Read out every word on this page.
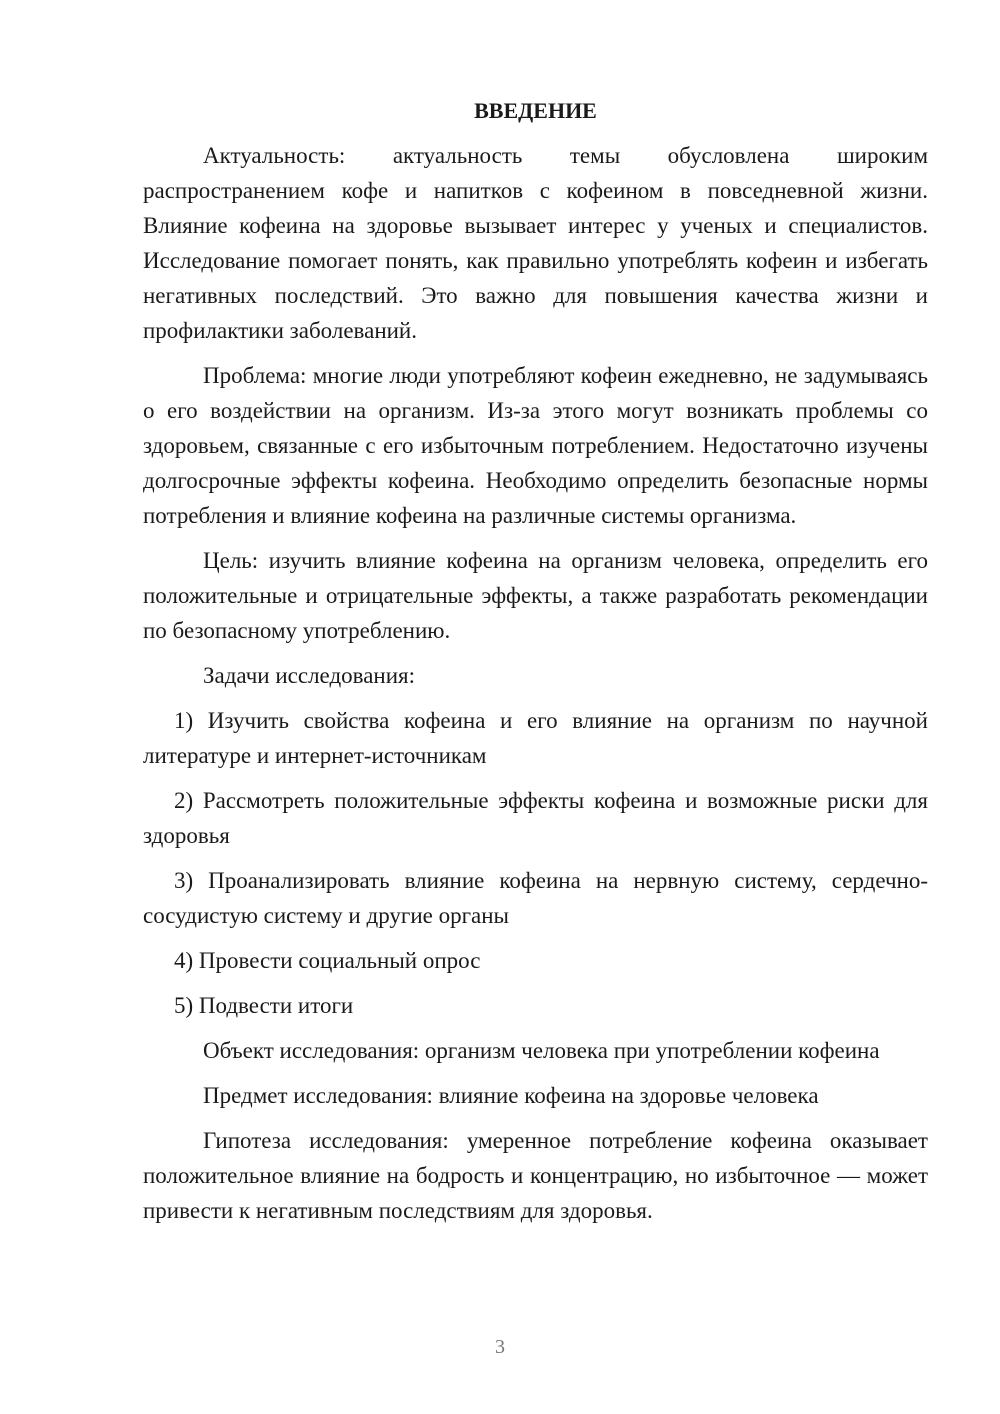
ВВЕДЕНИЕ

Актуальность: актуальность темы обусловлена широким распространением кофе и напитков с кофеином в повседневной жизни. Влияние кофеина на здоровье вызывает интерес у ученых и специалистов. Исследование помогает понять, как правильно употреблять кофеин и избегать негативных последствий. Это важно для повышения качества жизни и профилактики заболеваний.

Проблема: многие люди употребляют кофеин ежедневно, не задумываясь о его воздействии на организм. Из-за этого могут возникать проблемы со здоровьем, связанные с его избыточным потреблением. Недостаточно изучены долгосрочные эффекты кофеина. Необходимо определить безопасные нормы потребления и влияние кофеина на различные системы организма.

Цель: изучить влияние кофеина на организм человека, определить его положительные и отрицательные эффекты, а также разработать рекомендации по безопасному употреблению.

Задачи исследования:

1) Изучить свойства кофеина и его влияние на организм по научной литературе и интернет-источникам

2) Рассмотреть положительные эффекты кофеина и возможные риски для здоровья

3) Проанализировать влияние кофеина на нервную систему, сердечно-сосудистую систему и другие органы

4) Провести социальный опрос

5) Подвести итоги

Объект исследования: организм человека при употреблении кофеина

Предмет исследования: влияние кофеина на здоровье человека

Гипотеза исследования: умеренное потребление кофеина оказывает положительное влияние на бодрость и концентрацию, но избыточное — может привести к негативным последствиям для здоровья.

3
